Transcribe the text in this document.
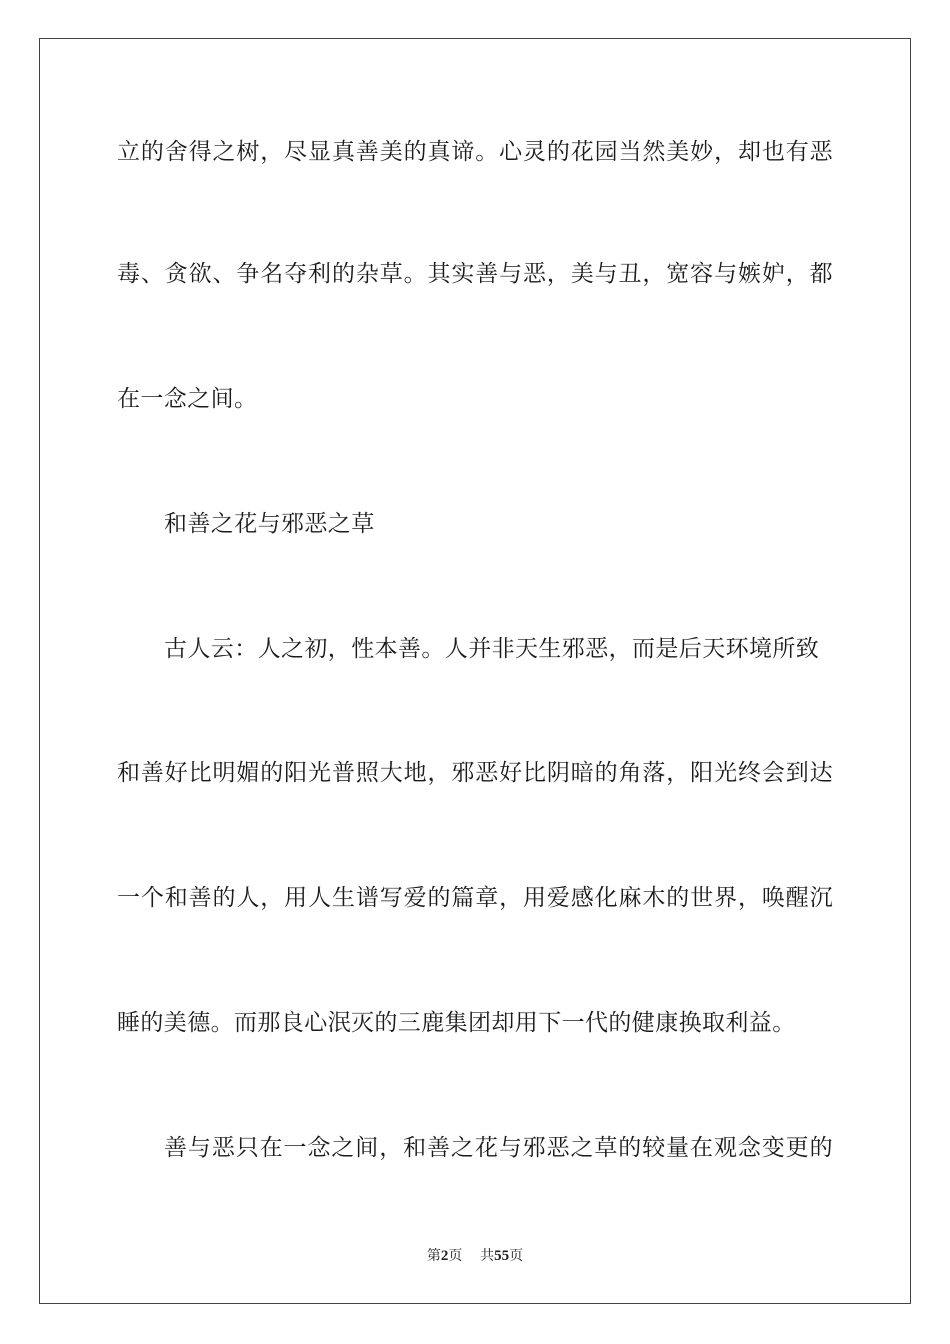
立的舍得之树，尽显真善美的真谛。心灵的花园当然美妙，却也有恶
毒、贪欲、争名夺利的杂草。其实善与恶，美与丑，宽容与嫉妒，都
在一念之间。
和善之花与邪恶之草
古人云：人之初，性本善。人并非天生邪恶，而是后天环境所致
和善好比明媚的阳光普照大地，邪恶好比阴暗的角落，阳光终会到达
一个和善的人，用人生谱写爱的篇章，用爱感化麻木的世界，唤醒沉
睡的美德。而那良心泯灭的三鹿集团却用下一代的健康换取利益。
善与恶只在一念之间，和善之花与邪恶之草的较量在观念变更的
第2页 共55页
